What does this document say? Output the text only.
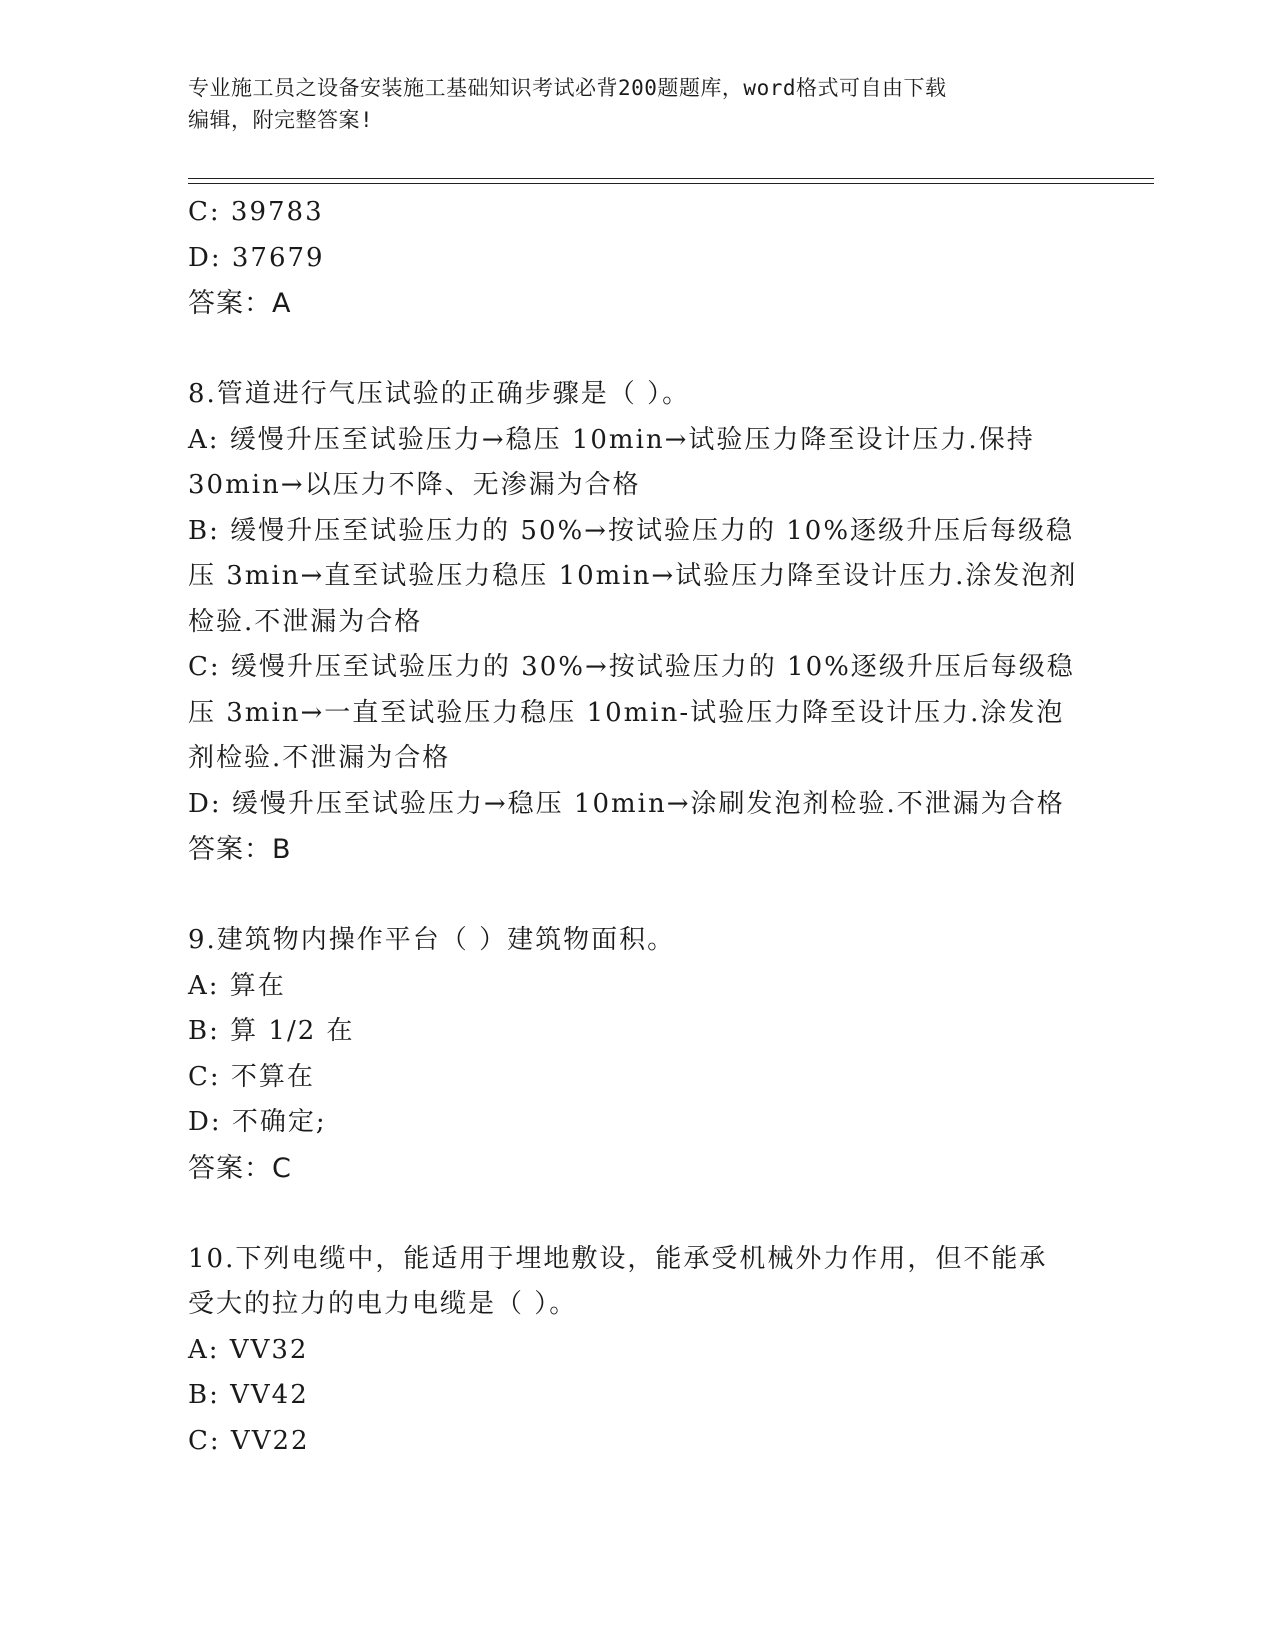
专业施工员之设备安装施工基础知识考试必背200题题库，word格式可自由下载
编辑，附完整答案!
C: 39783
D: 37679
答案：A
8.管道进行气压试验的正确步骤是（ ）。
A: 缓慢升压至试验压力→稳压 10min→试验压力降至设计压力.保持
30min→以压力不降、无渗漏为合格
B: 缓慢升压至试验压力的 50%→按试验压力的 10%逐级升压后每级稳
压 3min→直至试验压力稳压 10min→试验压力降至设计压力.涂发泡剂
检验.不泄漏为合格
C: 缓慢升压至试验压力的 30%→按试验压力的 10%逐级升压后每级稳
压 3min→一直至试验压力稳压 10min-试验压力降至设计压力.涂发泡
剂检验.不泄漏为合格
D: 缓慢升压至试验压力→稳压 10min→涂刷发泡剂检验.不泄漏为合格
答案：B
9.建筑物内操作平台（ ）建筑物面积。
A: 算在
B: 算 1/2 在
C: 不算在
D: 不确定;
答案：C
10.下列电缆中，能适用于埋地敷设，能承受机械外力作用，但不能承
受大的拉力的电力电缆是（ ）。
A: VV32
B: VV42
C: VV22
